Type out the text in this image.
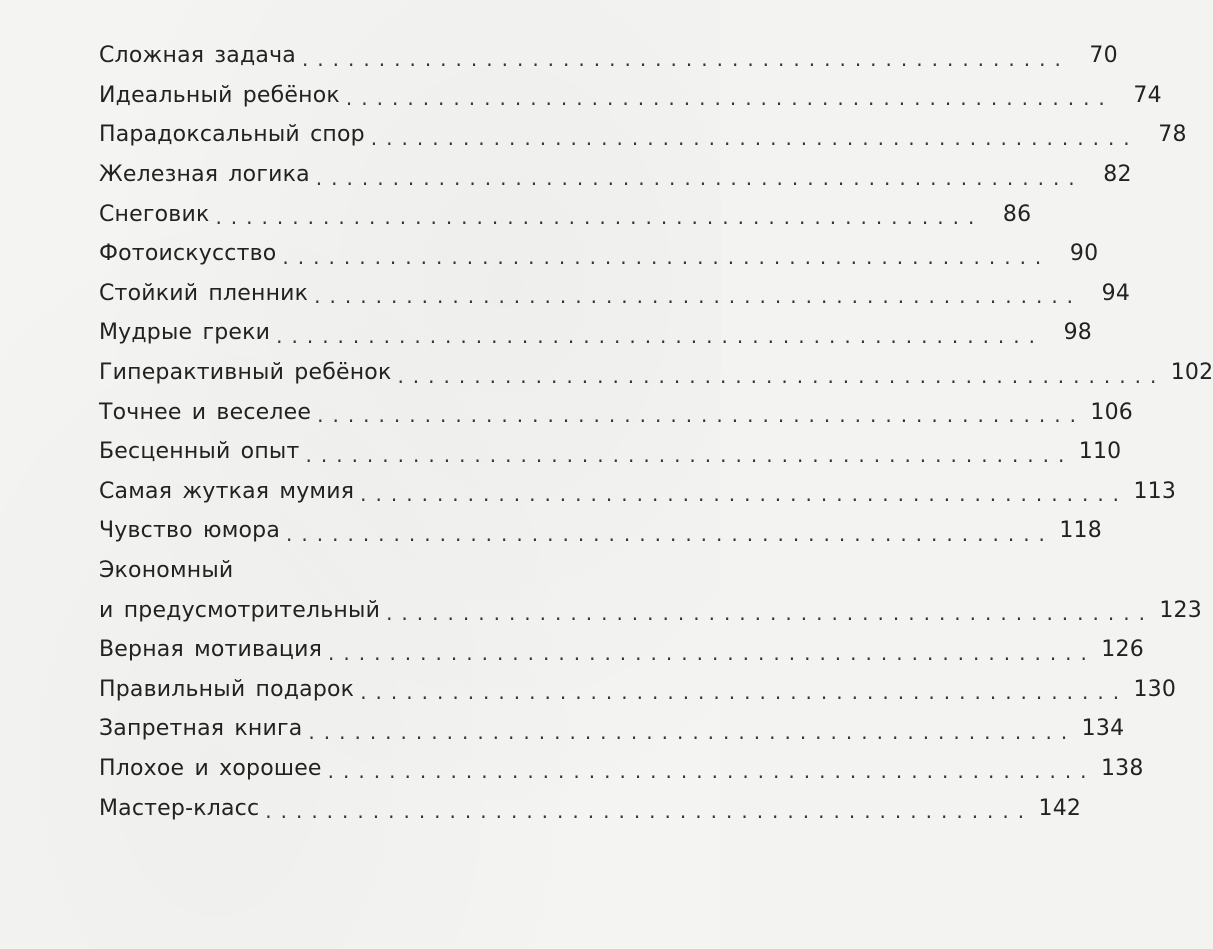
Сложная задача .................................................. 70
Идеальный ребёнок .................................................. 74
Парадоксальный спор .................................................. 78
Железная логика .................................................. 82
Снеговик .................................................. 86
Фотоискусство .................................................. 90
Стойкий пленник .................................................. 94
Мудрые греки .................................................. 98
Гиперактивный ребёнок .................................................. 102
Точнее и веселее .................................................. 106
Бесценный опыт .................................................. 110
Самая жуткая мумия .................................................. 113
Чувство юмора .................................................. 118
Экономный
и предусмотрительный .................................................. 123
Верная мотивация .................................................. 126
Правильный подарок .................................................. 130
Запретная книга .................................................. 134
Плохое и хорошее .................................................. 138
Мастер-класс .................................................. 142
